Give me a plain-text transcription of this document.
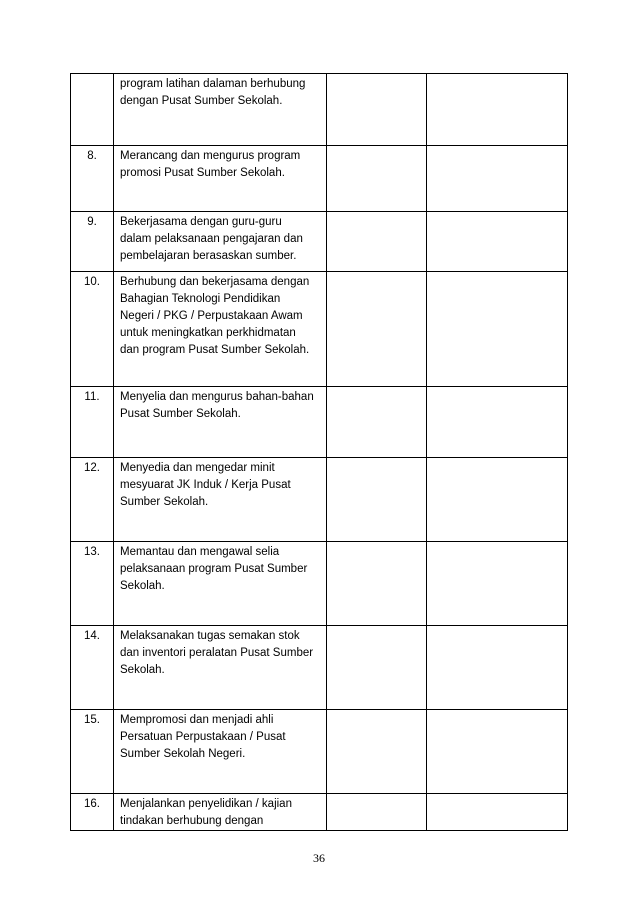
	program latihan dalaman berhubung
dengan Pusat Sumber Sekolah.		

8.	Merancang dan mengurus program
promosi Pusat Sumber Sekolah.		

9.	Bekerjasama dengan guru-guru
dalam pelaksanaan pengajaran dan
pembelajaran berasaskan sumber.		

10.	Berhubung dan bekerjasama dengan
Bahagian Teknologi Pendidikan
Negeri / PKG / Perpustakaan Awam
untuk meningkatkan perkhidmatan
dan program Pusat Sumber Sekolah.		

11.	Menyelia dan mengurus bahan-bahan
Pusat Sumber Sekolah.		

12.	Menyedia dan mengedar minit
mesyuarat JK Induk / Kerja Pusat
Sumber Sekolah.		

13.	Memantau dan mengawal selia
pelaksanaan program Pusat Sumber
Sekolah.		

14.	Melaksanakan tugas semakan stok
dan inventori peralatan Pusat Sumber
Sekolah.		

15.	Mempromosi dan menjadi ahli
Persatuan Perpustakaan / Pusat
Sumber Sekolah Negeri.		

16.	Menjalankan penyelidikan / kajian
tindakan berhubung dengan		

36
